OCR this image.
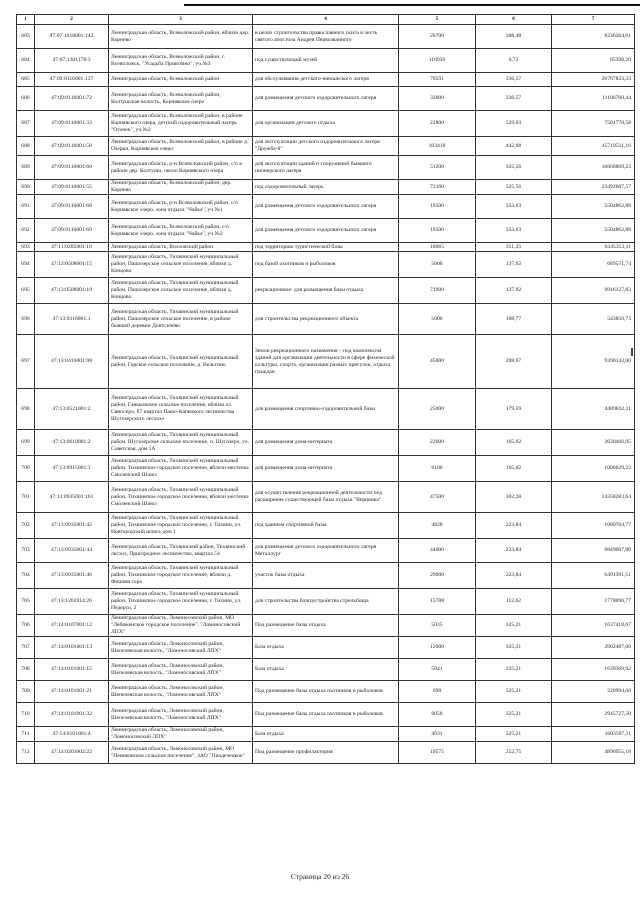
1	2	3	4	5	6	7
683	47:07:1018001:142	Ленинградская область, Всеволожский район, вблизи дер. Корнево	в целях строительства православного скита в честь святого апостола Андрея Первозванного	26700	308,48	8236364,61
684	47:07:1301178:3	Ленинградская область, Всеволожский район, г. Всеволожск, "Усадьба Приютино", уч.№3	под существующий музей	118930	0,72	85398,20
685	47:09:0116001:137	Ленинградская область, Всеволожский район	для обслуживания детского-юношеского лагеря	79591	336,57	26787823,33
686	47:09:0116001:72	Ленинградская область, Всеволожский район, Колтушская волость, Корнявское озеро	для размещения детского оздоровительного лагеря	33000	336,57	11106760,44
687	47:09:0116001:33	Ленинградская область, Всеволожский район, в районе Корнявского озера, детский оздоровительный лагерь "Огонек", уч.№2	для организации детского отдыха	22800	329,03	7501778,58
688	47:09:0116001:58	Ленинградская область, Всеволожский район, в районе д. Озерки, Корнявское озеро	для эксплуатации детского оздоровительного лагеря "Дружба-8"	103418	442,08	45719511,16
689	47:09:0116001:60	Ленинградская область, р-н Всеволожский район, с/о в районе дер. Колтуши, около Корнявского озера	для эксплуатации зданий и сооружений бывшего пионерского лагеря	51200	325,56	16668869,23
690	47:09:0116001:55	Ленинградская область, Всеволожский район, дер. Корнево	под оздоровительный лагерь	72160	325,56	23492687,57
691	47:09:0116001:68	Ленинградская область, р-н Всеволожский район, с/о Корнявское озеро, зона отдыха "Чайка", уч.№1	для размещения детского оздоровительного лагеря	16500	333,63	5504862,88
692	47:09:0116001:69	Ленинградская область, Всеволожский район, с/о Корнявское озеро, зона отдыха "Чайка", уч.№2	для размещения детского оздоровительного лагеря	16500	333,63	5504862,88
693	47:11:0205001:16	Ленинградская область, Волховский район	под территорию туристической базы	18065	351,25	6345313,11
694	47:13:0508001:15	Ленинградская область, Тихвинский муниципальный район, Пашозерское сельское поселение, вблизи д. Концово	под базой охотников и рыболовов	5000	137,92	689571,74
695	47:13:0508001:19	Ленинградская область, Тихвинский муниципальный район, Пашозерское сельское поселение, вблизи д. Концово	рекреационное: для размещения базы отдыха	71900	137,92	9916127,83
696	47:13:0116001:1	Ленинградская область, Тихвинский муниципальный район, Пашозерское сельское поселение, в районе бывшей деревни Донтсенёво	для строительства рекреационного объекта	5000	108,77	543856,73
697	47:13:0416001:98	Ленинградская область, Тихвинский муниципальный район, Горское сельское поселение, д. Вельгино	Земли рекреационного назначения – под комплексом зданий для организации деятельности в сфере физической культуры, спорта, организации разных пригулок, отдыха граждан	45000	208,67	9390143,00
698	47:13:0521001:2	Ленинградская область, Тихвинский муниципальный район, Ганьковское сельское поселение, вблизи оз. Сяносеро, 87 квартал Пашо-Капецкого лесничества Шугозерского лесхоза	для размещения спортивно-оздоровительной базы	25000	179,59	4489832,11
699	47:13:0610001:2	Ленинградская область, Тихвинский муниципальный район, Шугозерское сельское поселение, п. Шугозеро, ул. Советская, дом 1А	для размещения дома-интерната	22000	165,02	3630466,05
700	47:13:0915001:1	Ленинградская область, Тихвинский муниципальный район, Тихвинское городское поселение, вблизи местечка Смоленский Шлюз	для размещения дома-интерната	6100	165,02	1006629,22
701	47:13:0935001:161	Ленинградская область, Тихвинский муниципальный район, Тихвинское городское поселение, вблизи местечка Смоленский Шлюз	для осуществления рекреационной деятельности под расширение существующей базы отдыха "Верпянка"	47500	302,28	14358283,64
702	47:13:0935001:42	Ленинградская область, Тихвинский муниципальный район, Тихвинское городское поселение, г. Тихвин, ул. Новгородский шлюз, дом 1	под зданием спортивной базы	4828	223,84	1080704,77
703	47:13:0935001:44	Ленинградская область, Тихвинский район, Тихвинский лесхоз, Пригородное лесничество, квартал 54	для размещения детского оздоровительного лагеря Металлург	44000	223,84	9849007,80
704	47:13:0935001:46	Ленинградская область, Тихвинский муниципальный район, Тихвинское городское поселение, вблизи д. Фишева гора	участок базы отдыха	29000	223,84	6491391,51
705	47:13:1202014:26	Ленинградская область, Тихвинский муниципальный район, Тихвинское городское поселение, г. Тихвин, ул. Педерсо, 2	для строительства благоустройства стрельбища	15788	112,62	1778096,77
706	47:14:0107001:12	Ленинградская область, Ломоносовский район, МО "Лебяженское городское поселение", "Ломоносовский ЛПХ"	Под размещение базы отдыха	5035	325,21	1637418,67
707	47:14:0101001:13	Ленинградская область, Ломоносовский район, Шепелевская волость, "Ломоносовский ЛПХ"	База отдыха	12000	325,21	3902487,60
708	47:14:0101001:15	Ленинградская область, Ломоносовский район, Шепелевская волость, "Ломоносовский ЛПХ"	База отдыха	5041	325,21	1639369,92
709	47:14:0101001:21	Ленинградская область, Ломоносовский район, Шепелевская волость, "Ломоносовский ЛПХ"	Под размещение базы отдыха охотников и рыболовов	698	325,21	226994,68
710	47:14:0101001:32	Ленинградская область, Ломоносовский район, Шепелевская волость, "Ломоносовский ЛПХ"	Под размещение базы отдыха охотников и рыболовов	9058	325,21	2945727,50
711	47:14:0101001:4	Ленинградская область, Ломоносовский район, "Ломоносовский ЛПХ"	База отдыха	4931	325,21	1603597,11
712	47:14:0203002:22	Ленинградская область, Ломоносовский район, МО "Пениковское сельское поселение", ЗАО "Пиоделецкое"	Под размещение профилактория	19575	252,75	4896955,18
Страница 20 из 26
